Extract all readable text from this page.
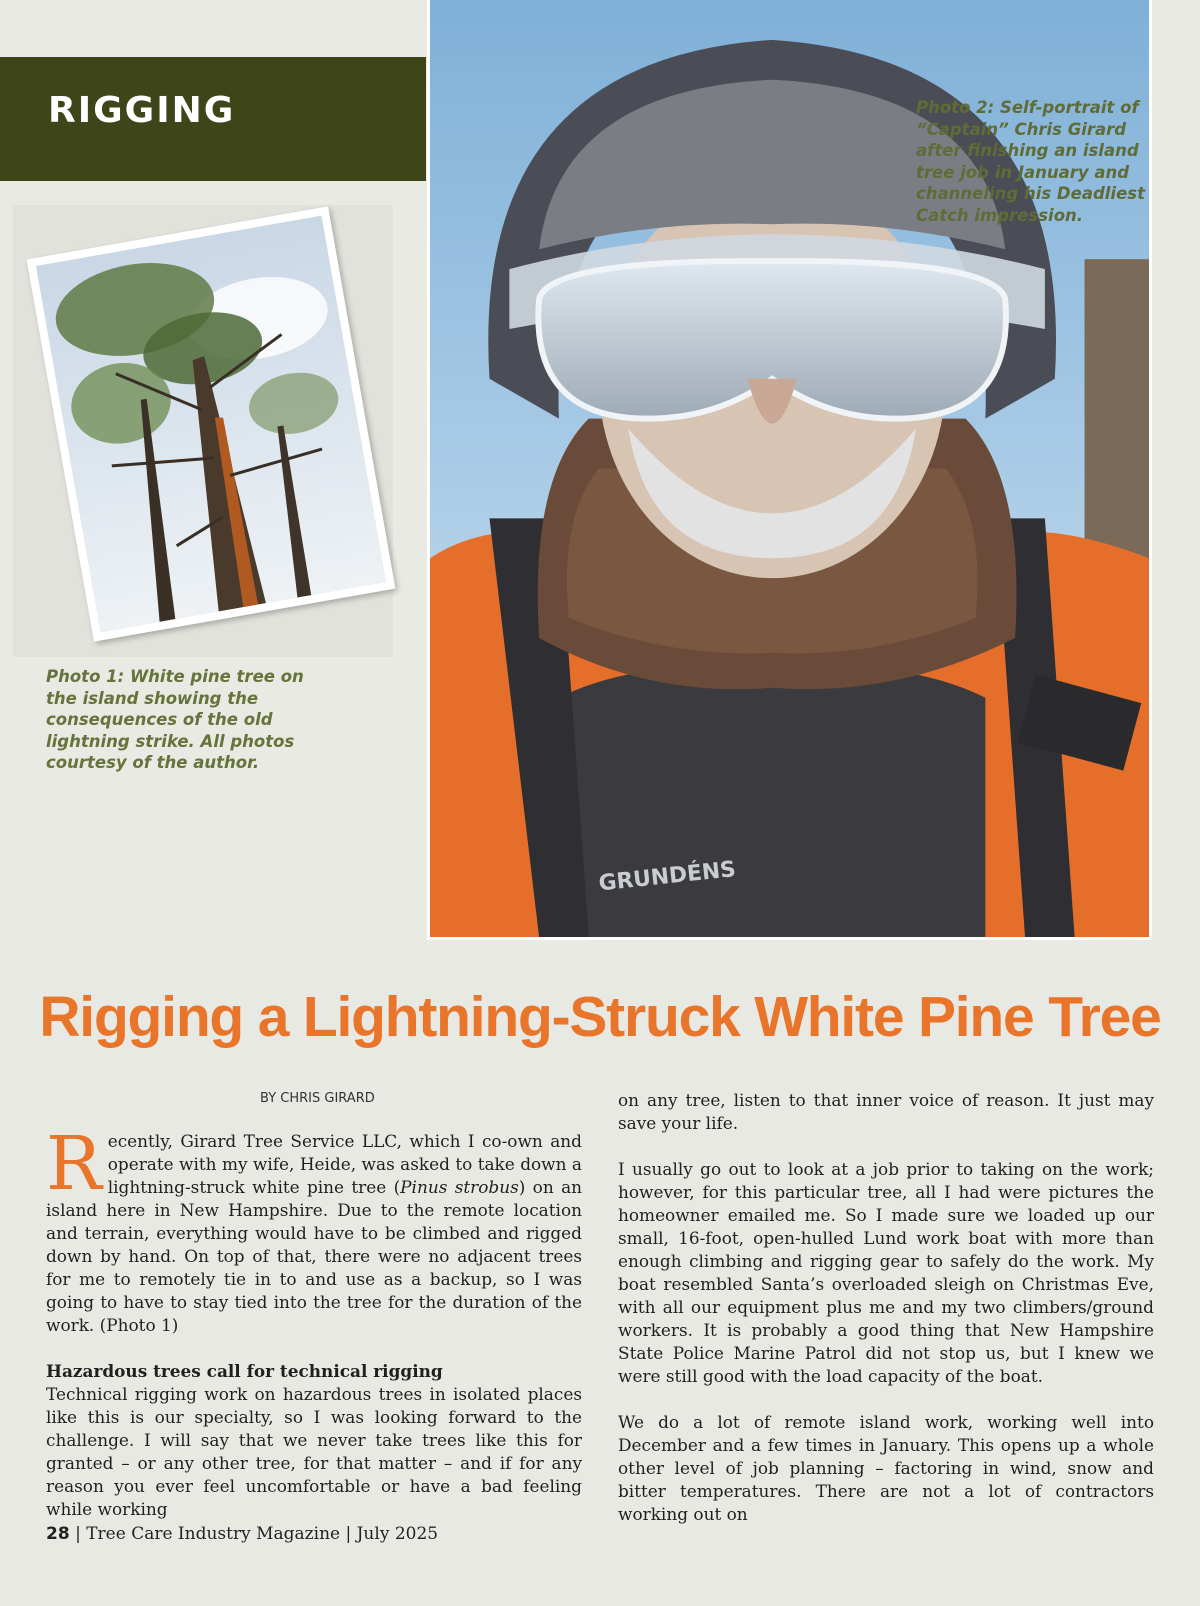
RIGGING

Photo 1: White pine tree on the island showing the consequences of the old lightning strike. All photos courtesy of the author.

GRUNDÉNS

Photo 2: Self-portrait of “Captain” Chris Girard after finishing an island tree job in January and channeling his Deadliest Catch impression.

Rigging a Lightning-Struck White Pine Tree
BY CHRIS GIRARD

Recently, Girard Tree Service LLC, which I co-own and operate with my wife, Heide, was asked to take down a lightning-struck white pine tree (Pinus strobus) on an island here in New Hampshire. Due to the remote location and terrain, everything would have to be climbed and rigged down by hand. On top of that, there were no adjacent trees for me to remotely tie in to and use as a backup, so I was going to have to stay tied into the tree for the duration of the work. (Photo 1)

Hazardous trees call for technical rigging

Technical rigging work on hazardous trees in isolated places like this is our specialty, so I was looking forward to the challenge. I will say that we never take trees like this for granted – or any other tree, for that matter – and if for any reason you ever feel uncomfortable or have a bad feeling while working

on any tree, listen to that inner voice of reason. It just may save your life.

I usually go out to look at a job prior to taking on the work; however, for this particular tree, all I had were pictures the homeowner emailed me. So I made sure we loaded up our small, 16-foot, open-hulled Lund work boat with more than enough climbing and rigging gear to safely do the work. My boat resembled Santa’s overloaded sleigh on Christmas Eve, with all our equipment plus me and my two climbers/ground workers. It is probably a good thing that New Hampshire State Police Marine Patrol did not stop us, but I knew we were still good with the load capacity of the boat.

We do a lot of remote island work, working well into December and a few times in January. This opens up a whole other level of job planning – factoring in wind, snow and bitter temperatures. There are not a lot of contractors working out on

28 | Tree Care Industry Magazine | July 2025
